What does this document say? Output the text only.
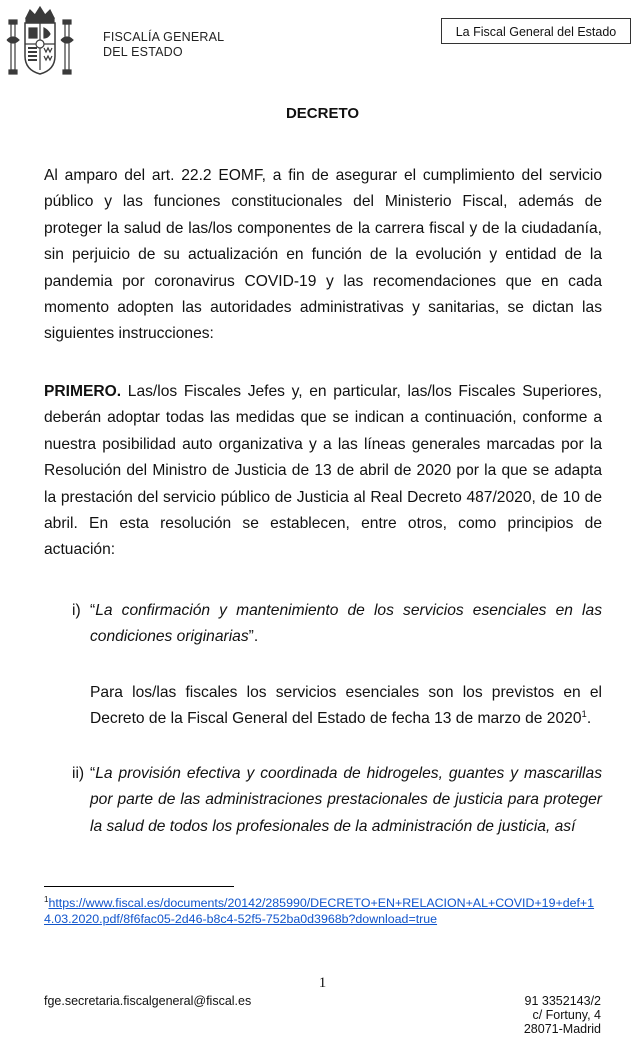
FISCALÍA GENERAL
DEL ESTADO
La Fiscal General del Estado
DECRETO

Al amparo del art. 22.2 EOMF, a fin de asegurar el cumplimiento del servicio público y las funciones constitucionales del Ministerio Fiscal, además de proteger la salud de las/los componentes de la carrera fiscal y de la ciudadanía, sin perjuicio de su actualización en función de la evolución y entidad de la pandemia por coronavirus COVID-19 y las recomendaciones que en cada momento adopten las autoridades administrativas y sanitarias, se dictan las siguientes instrucciones:

PRIMERO. Las/los Fiscales Jefes y, en particular, las/los Fiscales Superiores, deberán adoptar todas las medidas que se indican a continuación, conforme a nuestra posibilidad auto organizativa y a las líneas generales marcadas por la Resolución del Ministro de Justicia de 13 de abril de 2020 por la que se adapta la prestación del servicio público de Justicia al Real Decreto 487/2020, de 10 de abril. En esta resolución se establecen, entre otros, como principios de actuación:

i) “La confirmación y mantenimiento de los servicios esenciales en las condiciones originarias”.

Para los/las fiscales los servicios esenciales son los previstos en el Decreto de la Fiscal General del Estado de fecha 13 de marzo de 2020$^1$.

ii) “La provisión efectiva y coordinada de hidrogeles, guantes y mascarillas por parte de las administraciones prestacionales de justicia para proteger la salud de todos los profesionales de la administración de justicia, así
$^1$https://www.fiscal.es/documents/20142/285990/DECRETO+EN+RELACION+AL+COVID+19+def+14.03.2020.pdf/8f6fac05-2d46-b8c4-52f5-752ba0d3968b?download=true
1
fge.secretaria.fiscalgeneral@fiscal.es	91 3352143/2
c/ Fortuny, 4
28071-Madrid
